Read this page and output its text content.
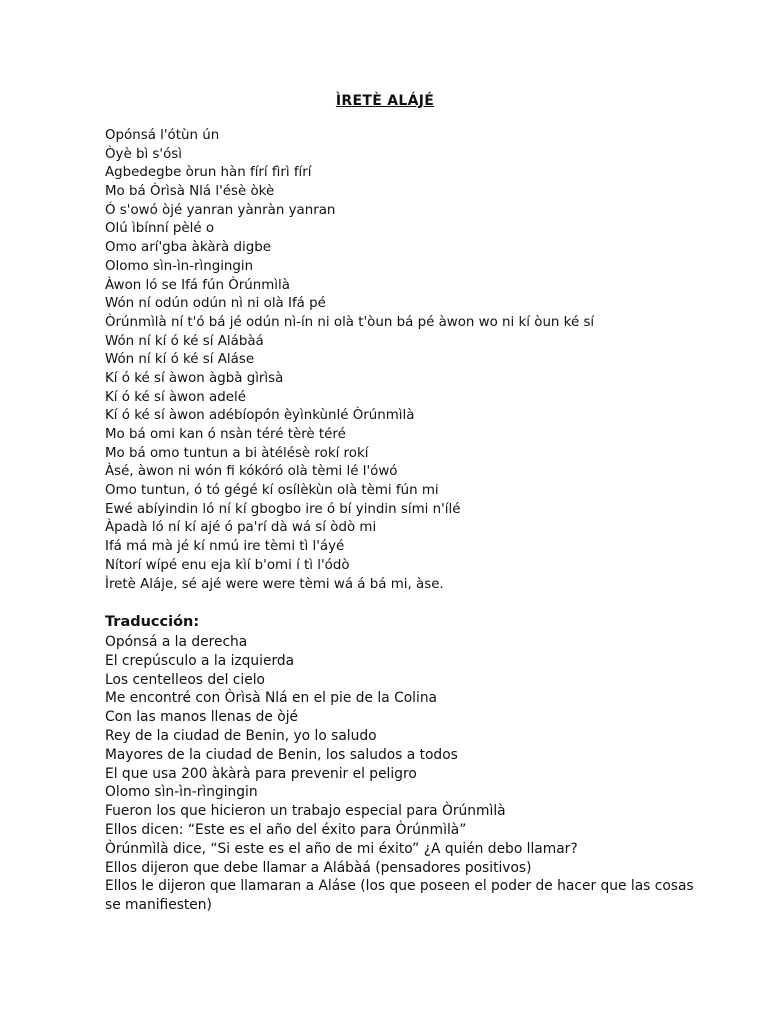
ÌRETÈ ALÁJÉ
Opónsá l'ótùn ún
Òyè bì s'ósì
Agbedegbe òrun hàn fírí fìrì fírí
Mo bá Òrìsà Nlá l'ésè òkè
Ó s'owó òjé yanran yànràn yanran
Olú ìbínní pèlé o
Omo arí'gba àkàrà digbe
Olomo sìn-ìn-rìngingin
Àwon ló se Ifá fún Òrúnmìlà
Wón ní odún odún nì ni olà Ifá pé
Òrúnmìlà ní t'ó bá jé odún nì-ín ni olà t'òun bá pé àwon wo ni kí òun ké sí
Wón ní kí ó ké sí Alábàá
Wón ní kí ó ké sí Aláse
Kí ó ké sí àwon àgbà gìrìsà
Kí ó ké sí àwon adelé
Kí ó ké sí àwon adébíopón èyìnkùnlé Òrúnmìlà
Mo bá omi kan ó nsàn téré tèrè téré
Mo bá omo tuntun a bi àtélésè rokí rokí
Àsé, àwon ni wón fi kókóró olà tèmi lé l'ówó
Omo tuntun, ó tó gégé kí osílèkùn olà tèmi fún mi
Ewé abíyindin ló ní kí gbogbo ire ó bí yindin sími n'ílé
Àpadà ló ní kí ajé ó pa'rí dà wá sí òdò mi
Ifá má mà jé kí nmú ire tèmi tì l'áyé
Nítorí wípé enu eja kìí b'omi í tì l'ódò
Ìretè Aláje, sé ajé were were tèmi wá á bá mi, àse.
Traducción:
Opónsá a la derecha
El crepúsculo a la izquierda
Los centelleos del cielo
Me encontré con Òrìsà Nlá en el pie de la Colina
Con las manos llenas de òjé
Rey de la ciudad de Benin, yo lo saludo
Mayores de la ciudad de Benin, los saludos a todos
El que usa 200 àkàrà para prevenir el peligro
Olomo sìn-ìn-rìngingin
Fueron los que hicieron un trabajo especial para Òrúnmìlà
Ellos dicen: “Este es el año del éxito para Òrúnmìlà”
Òrúnmìlà dice, “Si este es el año de mi éxito” ¿A quién debo llamar?
Ellos dijeron que debe llamar a Alábàá (pensadores positivos)
Ellos le dijeron que llamaran a Aláse (los que poseen el poder de hacer que las cosas se manifiesten)
